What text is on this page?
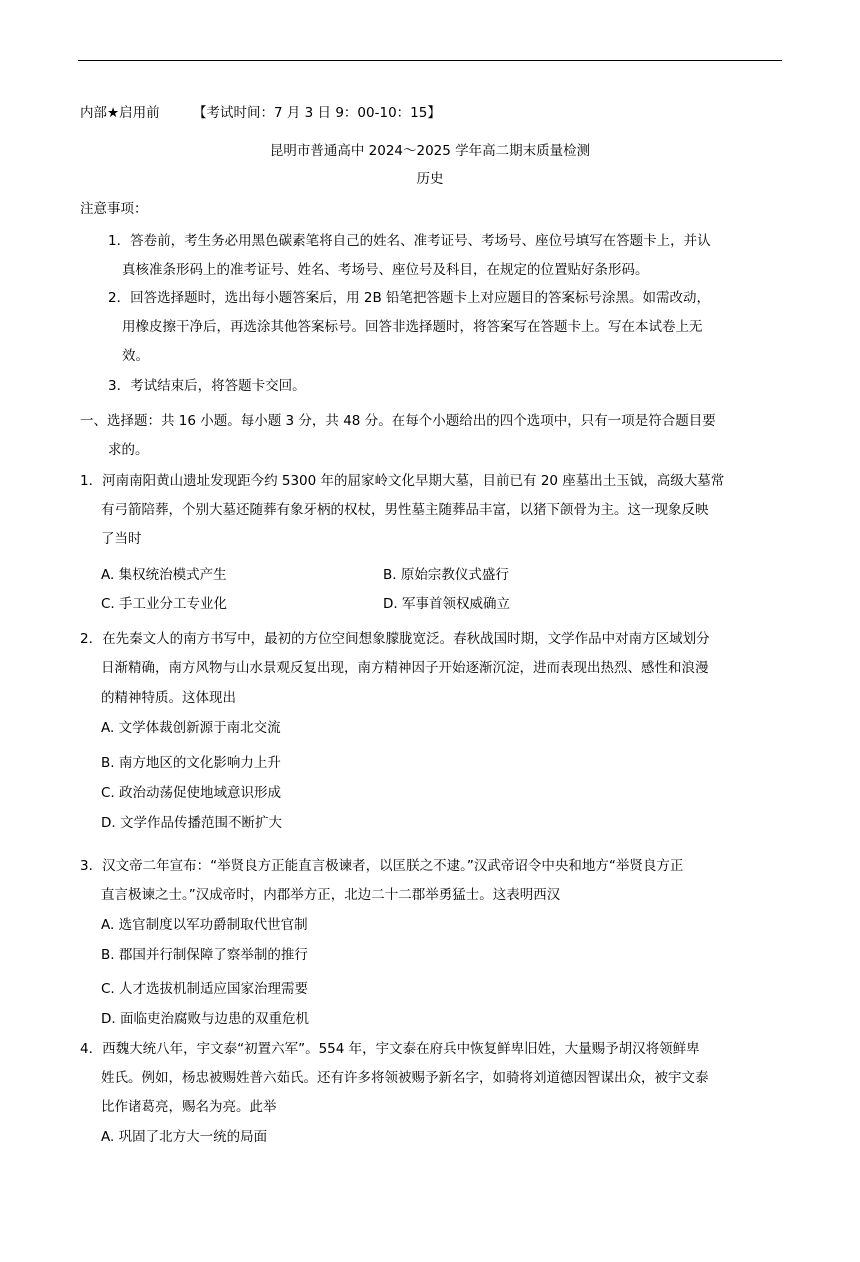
内部★启用前 【考试时间：7 月 3 日 9：00-10：15】
昆明市普通高中 2024～2025 学年高二期末质量检测
历史
注意事项：
1．答卷前，考生务必用黑色碳素笔将自己的姓名、准考证号、考场号、座位号填写在答题卡上，并认
真核准条形码上的准考证号、姓名、考场号、座位号及科目，在规定的位置贴好条形码。
2．回答选择题时，选出每小题答案后，用 2B 铅笔把答题卡上对应题目的答案标号涂黑。如需改动，
用橡皮擦干净后，再选涂其他答案标号。回答非选择题时，将答案写在答题卡上。写在本试卷上无
效。
3．考试结束后，将答题卡交回。
一、选择题：共 16 小题。每小题 3 分，共 48 分。在每个小题给出的四个选项中，只有一项是符合题目要
求的。
1．河南南阳黄山遗址发现距今约 5300 年的屈家岭文化早期大墓，目前已有 20 座墓出土玉钺，高级大墓常
有弓箭陪葬，个别大墓还随葬有象牙柄的权杖，男性墓主随葬品丰富，以猪下颌骨为主。这一现象反映
了当时
A. 集权统治模式产生	B. 原始宗教仪式盛行
C. 手工业分工专业化	D. 军事首领权威确立
2．在先秦文人的南方书写中，最初的方位空间想象朦胧宽泛。春秋战国时期，文学作品中对南方区域划分
日渐精确，南方风物与山水景观反复出现，南方精神因子开始逐渐沉淀，进而表现出热烈、感性和浪漫
的精神特质。这体现出
A. 文学体裁创新源于南北交流
B. 南方地区的文化影响力上升
C. 政治动荡促使地域意识形成
D. 文学作品传播范围不断扩大
3．汉文帝二年宣布：“举贤良方正能直言极谏者，以匡朕之不逮。”汉武帝诏令中央和地方“举贤良方正
直言极谏之士。”汉成帝时，内郡举方正，北边二十二郡举勇猛士。这表明西汉
A. 选官制度以军功爵制取代世官制
B. 郡国并行制保障了察举制的推行
C. 人才选拔机制适应国家治理需要
D. 面临吏治腐败与边患的双重危机
4．西魏大统八年，宇文泰“初置六军”。554 年，宇文泰在府兵中恢复鲜卑旧姓，大量赐予胡汉将领鲜卑
姓氏。例如，杨忠被赐姓普六茹氏。还有许多将领被赐予新名字，如骑将刘道德因智谋出众，被宇文泰
比作诸葛亮，赐名为亮。此举
A. 巩固了北方大一统的局面
